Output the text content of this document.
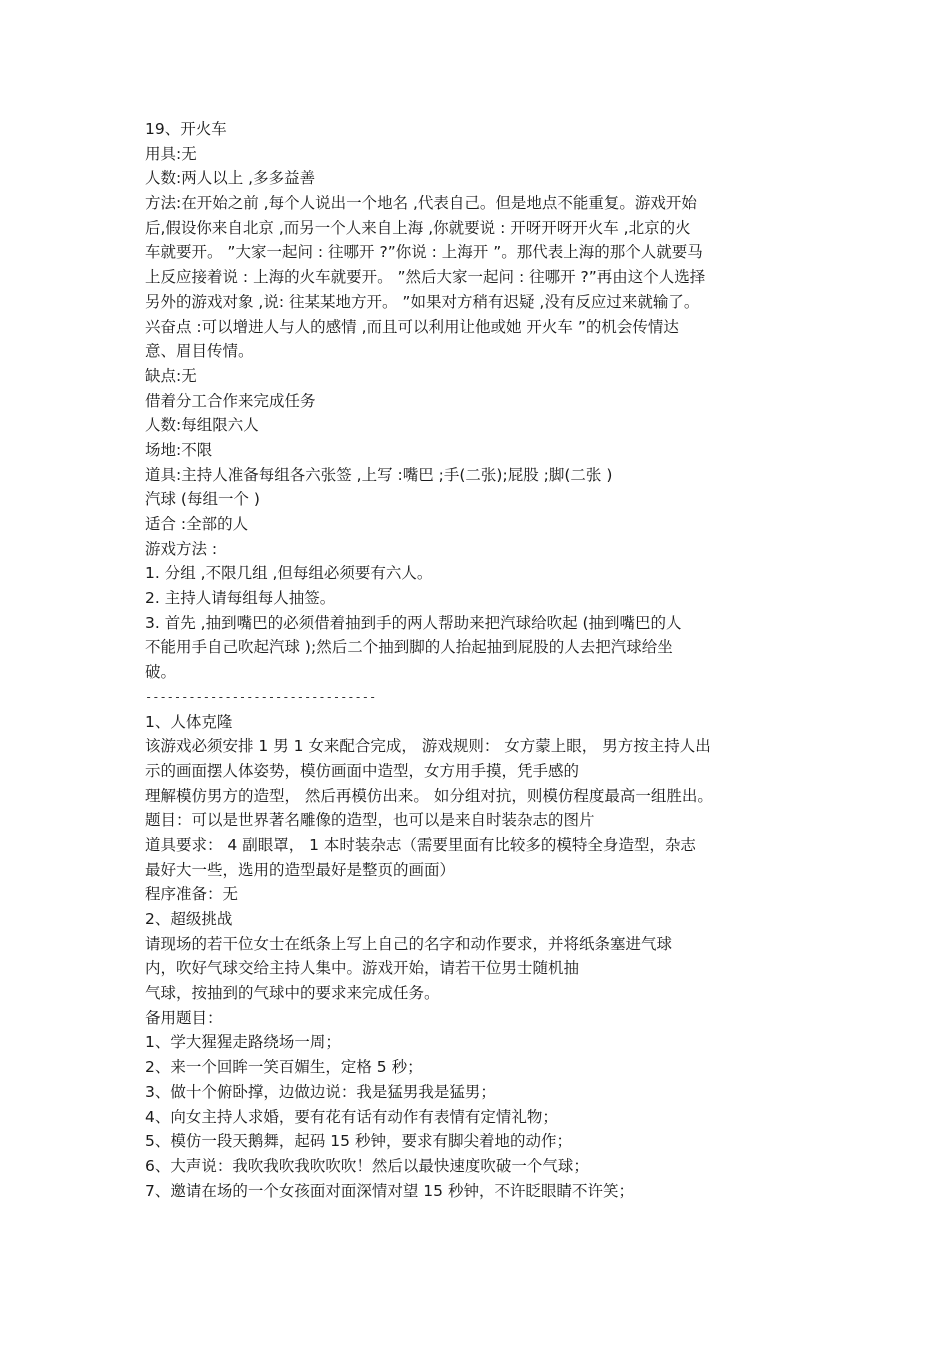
19、开火车
用具:无
人数:两人以上 ,多多益善
方法:在开始之前 ,每个人说出一个地名 ,代表自己。但是地点不能重复。游戏开始
后,假设你来自北京 ,而另一个人来自上海 ,你就要说 : 开呀开呀开火车 ,北京的火
车就要开。 ”大家一起问 : 往哪开 ?”你说 : 上海开 ”。那代表上海的那个人就要马
上反应接着说 : 上海的火车就要开。 ”然后大家一起问 : 往哪开 ?”再由这个人选择
另外的游戏对象 ,说: 往某某地方开。 ”如果对方稍有迟疑 ,没有反应过来就输了。
兴奋点 :可以增进人与人的感情 ,而且可以利用让他或她 开火车 ”的机会传情达
意、眉目传情。
缺点:无
借着分工合作来完成任务
人数:每组限六人
场地:不限
道具:主持人准备每组各六张签 ,上写 :嘴巴 ;手(二张);屁股 ;脚(二张 )
汽球 (每组一个 )
适合 :全部的人
游戏方法 :
1. 分组 ,不限几组 ,但每组必须要有六人。
2. 主持人请每组每人抽签。
3. 首先 ,抽到嘴巴的必须借着抽到手的两人帮助来把汽球给吹起 (抽到嘴巴的人
不能用手自己吹起汽球 );然后二个抽到脚的人抬起抽到屁股的人去把汽球给坐
破。
--------------------------------
1、人体克隆
该游戏必须安排 1 男 1 女来配合完成， 游戏规则： 女方蒙上眼， 男方按主持人出
示的画面摆人体姿势，模仿画面中造型，女方用手摸，凭手感的
理解模仿男方的造型， 然后再模仿出来。 如分组对抗，则模仿程度最高一组胜出。
题目：可以是世界著名雕像的造型，也可以是来自时装杂志的图片
道具要求： 4 副眼罩， 1 本时装杂志（需要里面有比较多的模特全身造型，杂志
最好大一些，选用的造型最好是整页的画面）
程序准备：无
2、超级挑战
请现场的若干位女士在纸条上写上自己的名字和动作要求，并将纸条塞进气球
内，吹好气球交给主持人集中。游戏开始，请若干位男士随机抽
气球，按抽到的气球中的要求来完成任务。
备用题目：
1、学大猩猩走路绕场一周；
2、来一个回眸一笑百媚生，定格 5 秒；
3、做十个俯卧撑，边做边说：我是猛男我是猛男；
4、向女主持人求婚，要有花有话有动作有表情有定情礼物；
5、模仿一段天鹅舞，起码 15 秒钟，要求有脚尖着地的动作；
6、大声说：我吹我吹我吹吹吹！然后以最快速度吹破一个气球；
7、邀请在场的一个女孩面对面深情对望 15 秒钟，不许眨眼睛不许笑；
